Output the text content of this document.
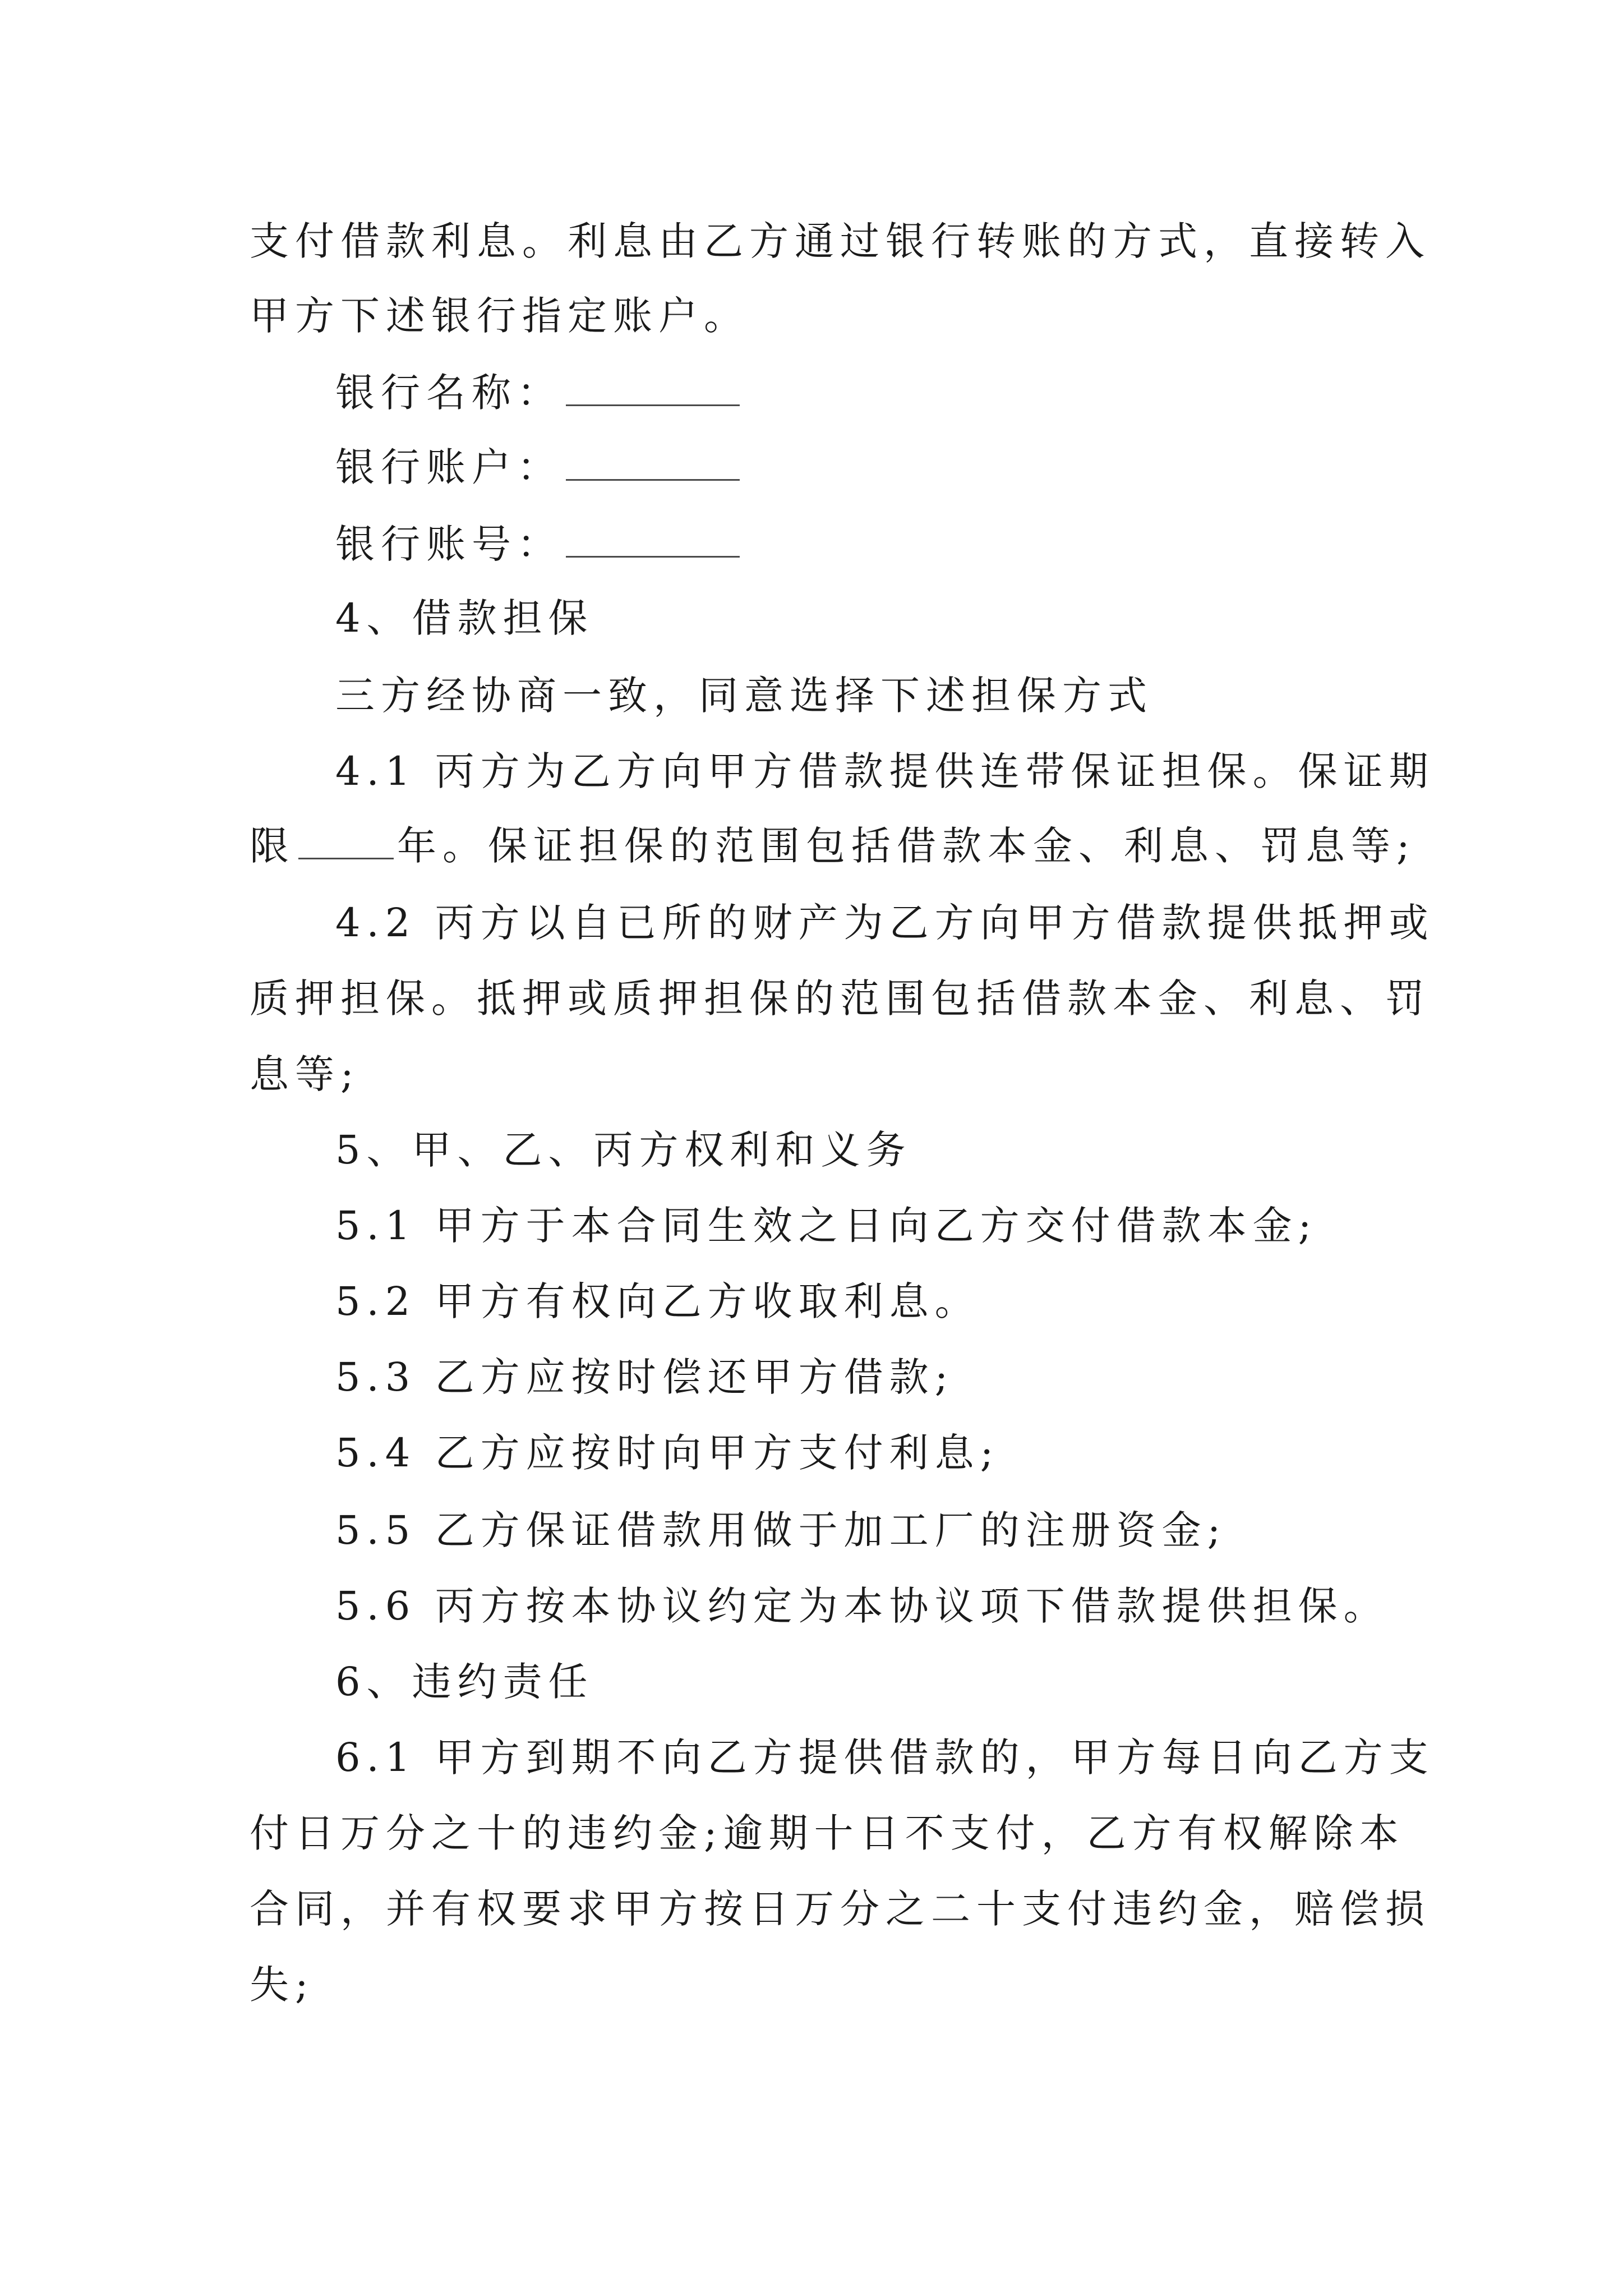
支付借款利息。利息由乙方通过银行转账的方式，直接转入
甲方下述银行指定账户。
银行名称：
银行账户：
银行账号：
4、借款担保
三方经协商一致，同意选择下述担保方式
4.1 丙方为乙方向甲方借款提供连带保证担保。保证期
限	年。保证担保的范围包括借款本金、利息、罚息等;
4.2 丙方以自已所的财产为乙方向甲方借款提供抵押或
质押担保。抵押或质押担保的范围包括借款本金、利息、罚
息等;
5、甲、乙、丙方权利和义务
5.1 甲方于本合同生效之日向乙方交付借款本金;
5.2 甲方有权向乙方收取利息。
5.3 乙方应按时偿还甲方借款;
5.4 乙方应按时向甲方支付利息;
5.5 乙方保证借款用做于加工厂的注册资金;
5.6 丙方按本协议约定为本协议项下借款提供担保。
6、违约责任
6.1 甲方到期不向乙方提供借款的，甲方每日向乙方支
付日万分之十的违约金;逾期十日不支付，乙方有权解除本
合同，并有权要求甲方按日万分之二十支付违约金，赔偿损
失;
